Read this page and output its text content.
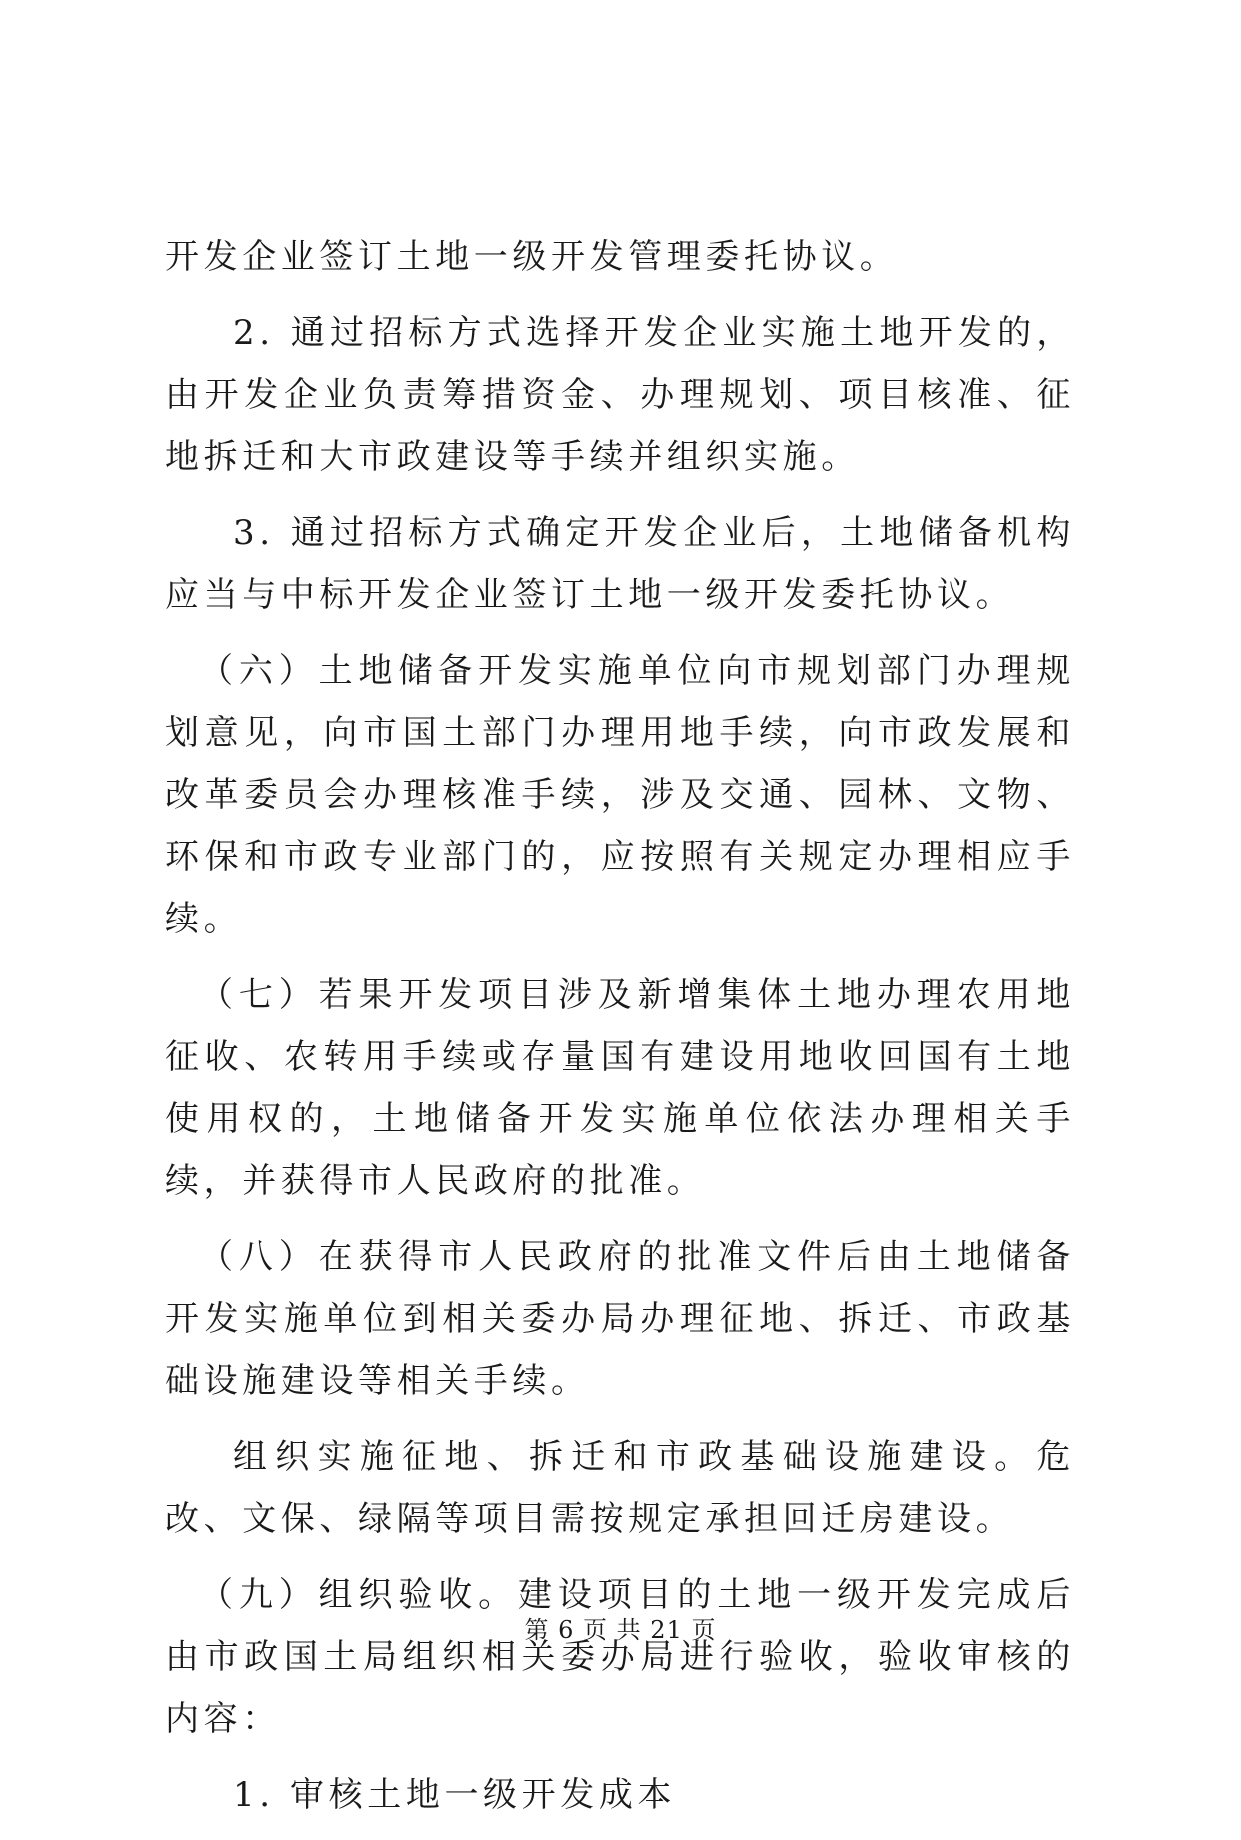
开发企业签订土地一级开发管理委托协议。

2. 通过招标方式选择开发企业实施土地开发的，由开发企业负责筹措资金、办理规划、项目核准、征地拆迁和大市政建设等手续并组织实施。

3. 通过招标方式确定开发企业后，土地储备机构应当与中标开发企业签订土地一级开发委托协议。

（六）土地储备开发实施单位向市规划部门办理规划意见，向市国土部门办理用地手续，向市政发展和改革委员会办理核准手续，涉及交通、园林、文物、环保和市政专业部门的，应按照有关规定办理相应手续。

（七）若果开发项目涉及新增集体土地办理农用地征收、农转用手续或存量国有建设用地收回国有土地使用权的，土地储备开发实施单位依法办理相关手续，并获得市人民政府的批准。

（八）在获得市人民政府的批准文件后由土地储备开发实施单位到相关委办局办理征地、拆迁、市政基础设施建设等相关手续。

组织实施征地、拆迁和市政基础设施建设。危改、文保、绿隔等项目需按规定承担回迁房建设。

（九）组织验收。建设项目的土地一级开发完成后由市政国土局组织相关委办局进行验收，验收审核的内容：

1. 审核土地一级开发成本

第 6 页 共 21 页
